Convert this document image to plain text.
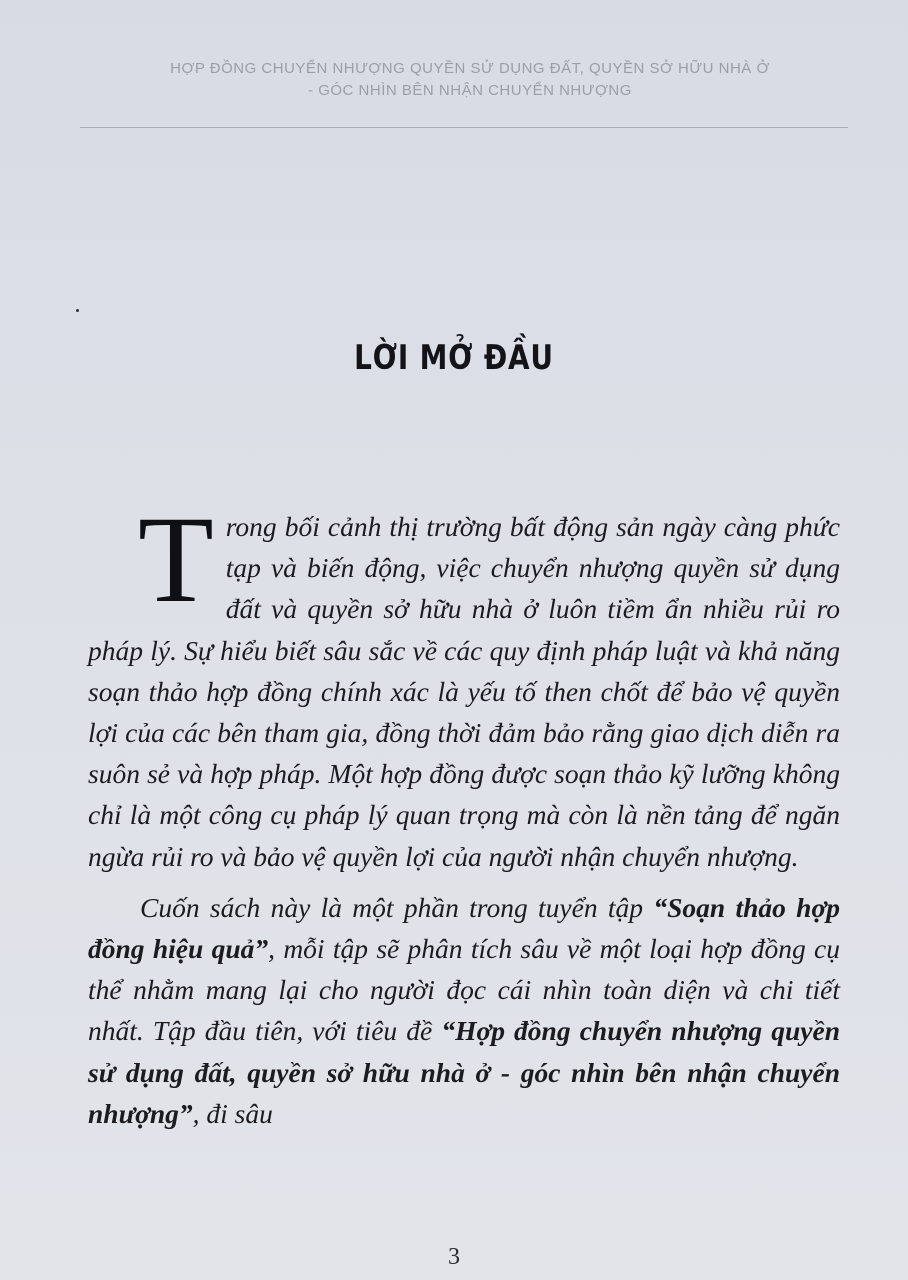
HỢP ĐỒNG CHUYỂN NHƯỢNG QUYỀN SỬ DỤNG ĐẤT, QUYỀN SỞ HỮU NHÀ Ở
- GÓC NHÌN BÊN NHẬN CHUYỂN NHƯỢNG
LỜI MỞ ĐẦU

Trong bối cảnh thị trường bất động sản ngày càng phức tạp và biến động, việc chuyển nhượng quyền sử dụng đất và quyền sở hữu nhà ở luôn tiềm ẩn nhiều rủi ro pháp lý. Sự hiểu biết sâu sắc về các quy định pháp luật và khả năng soạn thảo hợp đồng chính xác là yếu tố then chốt để bảo vệ quyền lợi của các bên tham gia, đồng thời đảm bảo rằng giao dịch diễn ra suôn sẻ và hợp pháp. Một hợp đồng được soạn thảo kỹ lưỡng không chỉ là một công cụ pháp lý quan trọng mà còn là nền tảng để ngăn ngừa rủi ro và bảo vệ quyền lợi của người nhận chuyển nhượng.

Cuốn sách này là một phần trong tuyển tập “Soạn thảo hợp đồng hiệu quả”, mỗi tập sẽ phân tích sâu về một loại hợp đồng cụ thể nhằm mang lại cho người đọc cái nhìn toàn diện và chi tiết nhất. Tập đầu tiên, với tiêu đề “Hợp đồng chuyển nhượng quyền sử dụng đất, quyền sở hữu nhà ở - góc nhìn bên nhận chuyển nhượng”, đi sâu

3
